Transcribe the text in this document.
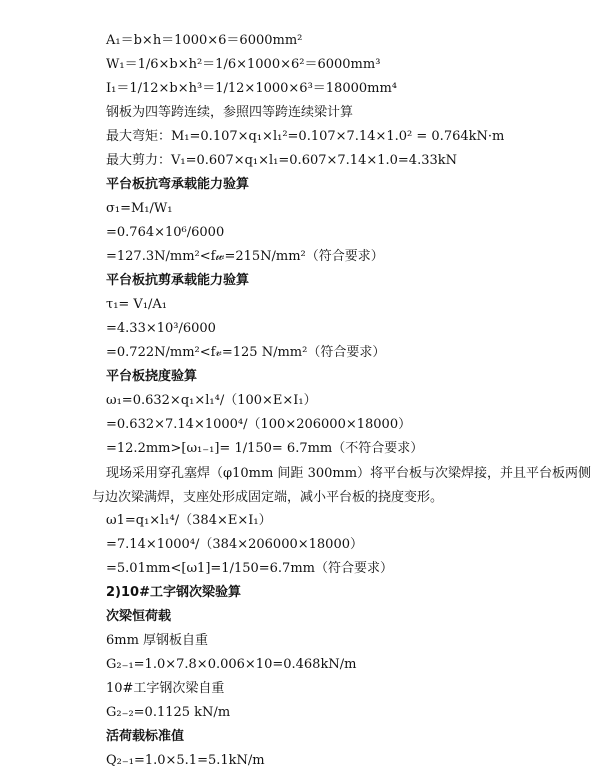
A₁＝b×h＝1000×6＝6000mm²
W₁＝1/6×b×h²＝1/6×1000×6²＝6000mm³
I₁＝1/12×b×h³＝1/12×1000×6³＝18000mm⁴
钢板为四等跨连续，参照四等跨连续梁计算
最大弯矩：M₁=0.107×q₁×l₁²=0.107×7.14×1.0² = 0.764kN·m
最大剪力：V₁=0.607×q₁×l₁=0.607×7.14×1.0=4.33kN
平台板抗弯承载能力验算
σ₁=M₁/W₁
=0.764×10⁶/6000
=127.3N/mm²<f𝓌=215N/mm²（符合要求）
平台板抗剪承载能力验算
τ₁= V₁/A₁
=4.33×10³/6000
=0.722N/mm²<f𝓋=125 N/mm²（符合要求）
平台板挠度验算
ω₁=0.632×q₁×l₁⁴/（100×E×I₁）
=0.632×7.14×1000⁴/（100×206000×18000）
=12.2mm>[ω₁₋₁]= 1/150= 6.7mm（不符合要求）
现场采用穿孔塞焊（φ10mm 间距 300mm）将平台板与次梁焊接，并且平台板两侧与边次梁满焊，支座处形成固定端，减小平台板的挠度变形。
ω1=q₁×l₁⁴/（384×E×I₁）
=7.14×1000⁴/（384×206000×18000）
=5.01mm<[ω1]=1/150=6.7mm（符合要求）
2)10#工字钢次梁验算
次梁恒荷载
6mm 厚钢板自重
G₂₋₁=1.0×7.8×0.006×10=0.468kN/m
10#工字钢次梁自重
G₂₋₂=0.1125 kN/m
活荷载标准值
Q₂₋₁=1.0×5.1=5.1kN/m
